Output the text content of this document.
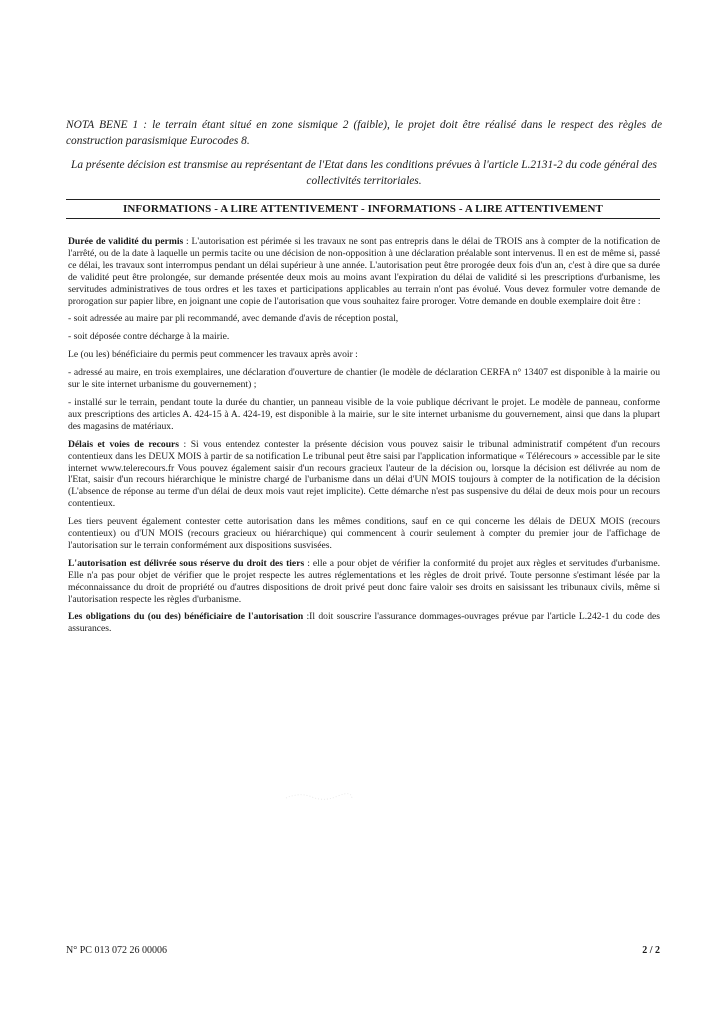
NOTA BENE 1 : le terrain étant situé en zone sismique 2 (faible), le projet doit être réalisé dans le respect des règles de construction parasismique Eurocodes 8.
La présente décision est transmise au représentant de l'Etat dans les conditions prévues à l'article L.2131-2 du code général des collectivités territoriales.
INFORMATIONS - A LIRE ATTENTIVEMENT - INFORMATIONS - A LIRE ATTENTIVEMENT

Durée de validité du permis : L'autorisation est périmée si les travaux ne sont pas entrepris dans le délai de TROIS ans à compter de la notification de l'arrêté, ou de la date à laquelle un permis tacite ou une décision de non-opposition à une déclaration préalable sont intervenus. Il en est de même si, passé ce délai, les travaux sont interrompus pendant un délai supérieur à une année. L'autorisation peut être prorogée deux fois d'un an, c'est à dire que sa durée de validité peut être prolongée, sur demande présentée deux mois au moins avant l'expiration du délai de validité si les prescriptions d'urbanisme, les servitudes administratives de tous ordres et les taxes et participations applicables au terrain n'ont pas évolué. Vous devez formuler votre demande de prorogation sur papier libre, en joignant une copie de l'autorisation que vous souhaitez faire proroger. Votre demande en double exemplaire doit être :

- soit adressée au maire par pli recommandé, avec demande d'avis de réception postal,

- soit déposée contre décharge à la mairie.

Le (ou les) bénéficiaire du permis peut commencer les travaux après avoir :

- adressé au maire, en trois exemplaires, une déclaration d'ouverture de chantier (le modèle de déclaration CERFA n° 13407 est disponible à la mairie ou sur le site internet urbanisme du gouvernement) ;

- installé sur le terrain, pendant toute la durée du chantier, un panneau visible de la voie publique décrivant le projet. Le modèle de panneau, conforme aux prescriptions des articles A. 424-15 à A. 424-19, est disponible à la mairie, sur le site internet urbanisme du gouvernement, ainsi que dans la plupart des magasins de matériaux.

Délais et voies de recours : Si vous entendez contester la présente décision vous pouvez saisir le tribunal administratif compétent d'un recours contentieux dans les DEUX MOIS à partir de sa notification Le tribunal peut être saisi par l'application informatique « Télérecours » accessible par le site internet www.telerecours.fr Vous pouvez également saisir d'un recours gracieux l'auteur de la décision ou, lorsque la décision est délivrée au nom de l'Etat, saisir d'un recours hiérarchique le ministre chargé de l'urbanisme dans un délai d'UN MOIS toujours à compter de la notification de la décision (L'absence de réponse au terme d'un délai de deux mois vaut rejet implicite). Cette démarche n'est pas suspensive du délai de deux mois pour un recours contentieux.

Les tiers peuvent également contester cette autorisation dans les mêmes conditions, sauf en ce qui concerne les délais de DEUX MOIS (recours contentieux) ou d'UN MOIS (recours gracieux ou hiérarchique) qui commencent à courir seulement à compter du premier jour de l'affichage de l'autorisation sur le terrain conformément aux dispositions susvisées.

L'autorisation est délivrée sous réserve du droit des tiers : elle a pour objet de vérifier la conformité du projet aux règles et servitudes d'urbanisme. Elle n'a pas pour objet de vérifier que le projet respecte les autres réglementations et les règles de droit privé. Toute personne s'estimant lésée par la méconnaissance du droit de propriété ou d'autres dispositions de droit privé peut donc faire valoir ses droits en saisissant les tribunaux civils, même si l'autorisation respecte les règles d'urbanisme.

Les obligations du (ou des) bénéficiaire de l'autorisation :Il doit souscrire l'assurance dommages-ouvrages prévue par l'article L.242-1 du code des assurances.

N° PC 013 072 26 00006	2 / 2
